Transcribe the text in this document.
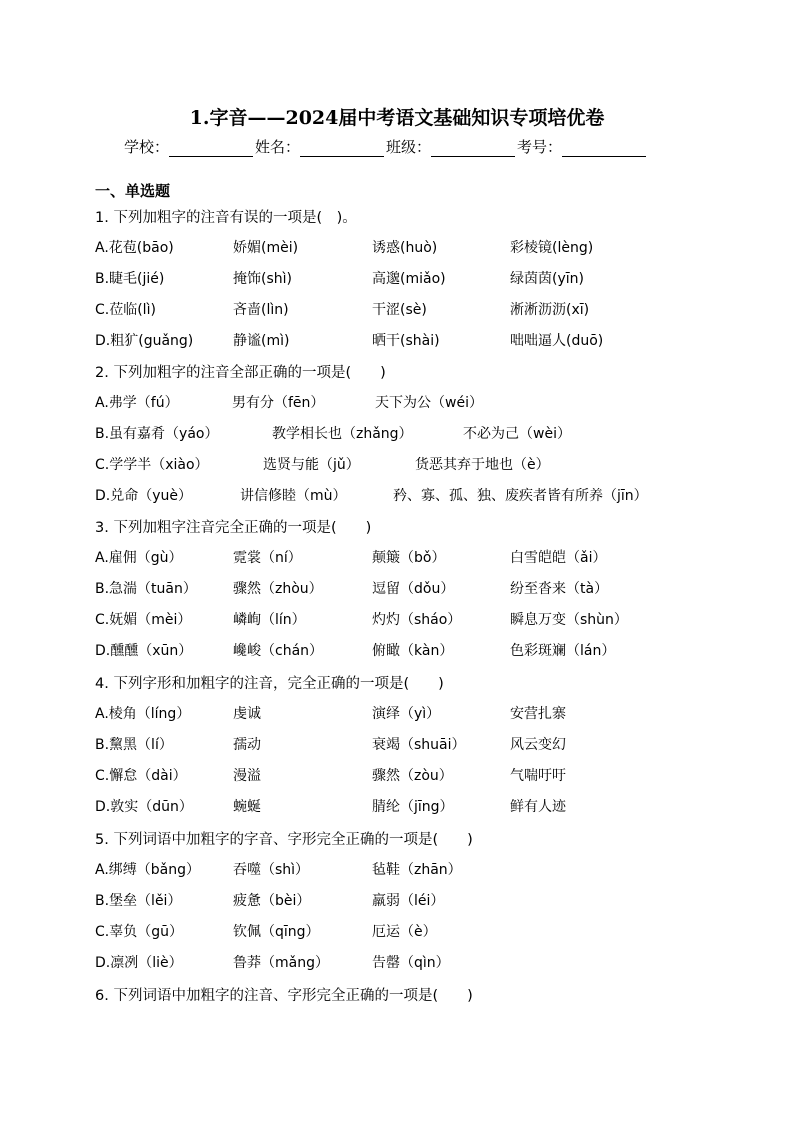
1.字音——2024届中考语文基础知识专项培优卷
学校：	姓名：	班级：	考号：
一、单选题
1. 下列加粗字的注音有误的一项是(　)。
A.花苞(bāo)	娇媚(mèi)	诱惑(huò)	彩棱镜(lèng)
B.睫毛(jié)	掩饰(shì)	高邈(miǎo)	绿茵茵(yīn)
C.莅临(lì)	吝啬(lìn)	干涩(sè)	淅淅沥沥(xī)
D.粗犷(guǎng)	静谧(mì)	晒干(shài)	咄咄逼人(duō)
2. 下列加粗字的注音全部正确的一项是(　　)
A.弗学（fú）	男有分（fēn）	天下为公（wéi）
B.虽有嘉肴（yáo）	教学相长也（zhǎng）	不必为己（wèi）
C.学学半（xiào）	选贤与能（jǔ）	货恶其弃于地也（è）
D.兑命（yuè）	讲信修睦（mù）	矜、寡、孤、独、废疾者皆有所养（jīn）
3. 下列加粗字注音完全正确的一项是(　　)
A.雇佣（gù）	霓裳（ní）	颠簸（bǒ）	白雪皑皑（ǎi）
B.急湍（tuān）	骤然（zhòu）	逗留（dǒu）	纷至沓来（tà）
C.妩媚（mèi）	嶙峋（lín）	灼灼（sháo）	瞬息万变（shùn）
D.醺醺（xūn）	巉峻（chán）	俯瞰（kàn）	色彩斑斓（lán）
4. 下列字形和加粗字的注音，完全正确的一项是(　　)
A.棱角（líng）	虔诚	演绎（yì）	安营扎寨
B.黧黑（lí）	孺动	衰竭（shuāi）	风云变幻
C.懈怠（dài）	漫溢	骤然（zòu）	气喘吁吁
D.敦实（dūn）	蜿蜒	腈纶（jīng）	鲜有人迹
5. 下列词语中加粗字的字音、字形完全正确的一项是(　　)
A.绑缚（bǎng） 吞噬（shì）	毡鞋（zhān）
B.堡垒（lěi）	疲惫（bèi）	羸弱（léi）
C.辜负（gū）	钦佩（qīng）	厄运（è）
D.凛冽（liè）	鲁莽（mǎng）	告罄（qìn）
6. 下列词语中加粗字的注音、字形完全正确的一项是(　　)
